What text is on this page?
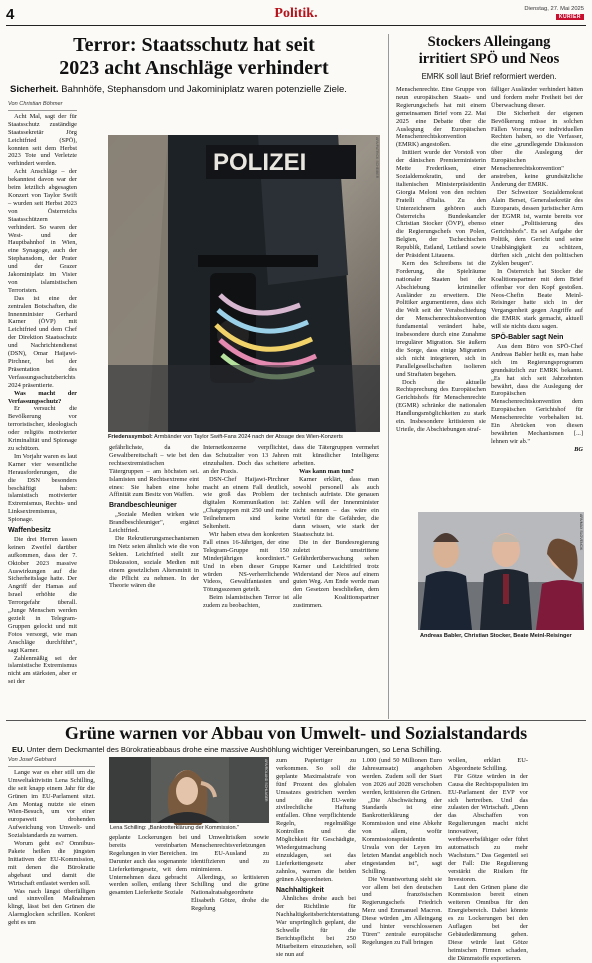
4	Politik.	Dienstag, 27. Mai 2025
KURIER
Terror: Staatsschutz hat seit
2023 acht Anschläge verhindert
Sicherheit. Bahnhöfe, Stephansdom und Jakominiplatz waren potenzielle Ziele.
Von Christian Böhmer

Acht Mal, sagt der für Staatsschutz zuständige Staatssekretär Jörg Leichtfried (SPÖ), konnten seit dem Herbst 2023 Tote und Verletzte verhindert werden.

Acht Anschläge – der bekanntest davon war der beim letztlich abgesagten Konzert von Taylor Swift – wurden seit Herbst 2023 von Österreichs Staatsschützern verhindert. So waren der West- und der Hauptbahnhof in Wien, eine Synagoge, auch der Stephansdom, der Prater und der Grazer Jakominiplatz im Visier von islamistischen Terroristen.

Das ist eine der zentralen Botschaften, die Innenminister Gerhard Karner (ÖVP) mit Leichtfried und dem Chef der Direktion Staatsschutz und Nachrichtendienst (DSN), Omar Haijawi-Pirchner, bei der Präsentation des Verfassungsschutzberichts 2024 präsentierte.

Was macht der Verfassungsschutz?

Er versucht die Bevölkerung vor terroristischer, ideologisch oder religiös motivierter Kriminalität und Spionage zu schützen.

Im Vorjahr waren es laut Karner vier wesentliche Herausforderungen, die die DSN besonders beschäftigt haben: islamistisch motivierter Extremismus, Rechts- und Linksextremismus, Spionage.

Waffenbesitz

Die drei Herren lassen keinen Zweifel darüber aufkommen, dass der 7. Oktober 2023 massive Auswirkungen auf die Sicherheitslage hatte. Der Angriff der Hamas auf Israel erhöhte die Terrorgefahr überall. „Junge Menschen werden gezielt in Telegram-Gruppen gelockt und mit Fotos versorgt, wie man Anschläge durchführt", sagt Karner.

Zahlenmäßig sei der islamistische Extremismus nicht am stärksten, aber er sei der

POLIZEI	APA/PATRICK SCHEIBER
Friedenssymbol: Armbänder von Taylor Swift-Fans 2024 nach der Absage des Wien-Konzerts

gefährlichste, da die Gewaltbereitschaft – wie bei den rechtsextremistischen Tätergruppen – am höchsten sei. Islamisten und Rechtsextreme eint eines: Sie haben eine hohe Affinität zum Besitz von Waffen.

Brandbeschleuniger

„Soziale Medien wirken wie Brandbeschleuniger", ergänzt Leichtfried.

Die Rekrutierungsmechanismen im Netz seien ähnlich wie die von Sekten. Leichtfried stellt zur Diskussion, soziale Medien mit einem gesetzlichen Altersminit in die Pflicht zu nehmen. In der Theorie wären die

Internetkonzerne verpflichtet, das Schutzalter von 13 Jahren einzuhalten. Doch das scheitere an der Praxis.

DSN-Chef Haijawi-Pirchner macht an einem Fall deutlich, wie groß das Problem der digitalen Kommunikation ist: „Chatgruppen mit 250 und mehr Teilnehmern sind keine Seltenheit.

Wir haben etwa den konkreten Fall eines 16-Jährigen, der eine Telegram-Gruppe mit 150 Minderjährigen koordiniert." Und in eben dieser Gruppe würden NS-verherrlichende Videos, Gewaltfantasien und Tötungsszenen geteilt.

Beim islamistischen Terror ist zudem zu beobachten,

dass die Tätergruppen vermehrt mit künstlicher Intelligenz arbeiten.

Was kann man tun?

Karner erklärt, dass man sowohl personell als auch technisch aufrüste. Die genauen Zahlen will der Innenminister nicht nennen – das wäre ein Vorteil für die Gefährder, die dann wissen, wie stark der Staatsschutz ist.

Die in der Bundesregierung zuletzt umstrittene Gefährderüberwachung sehen Karner und Leichtfried trotz Widerstand der Neos auf einem guten Weg. Am Ende werde man den Gesetzen beschließen, dem alle Koalitionspartner zustimmen.

Stockers Alleingang
irritiert SPÖ und Neos
EMRK soll laut Brief reformiert werden.

Menschenrechte. Eine Gruppe von neun europäischen Staats- und Regierungschefs hat mit einem gemeinsamen Brief vom 22. Mai 2025 eine Debatte über die Auslegung der Europäischen Menschenrechtskonvention (EMRK) angestoßen.

Initiiert wurde der Vorstoß von der dänischen Premierministerin Mette Frederiksen, einer Sozialdemokratin, und der italienischen Ministerpräsidentin Giorgia Meloni von den rechten Fratelli d'Italia. Zu den Unterzeichnern gehören auch Österreichs Bundeskanzler Christian Stocker (ÖVP), ebenso die Regierungschefs von Polen, Belgien, der Tschechischen Republik, Estland, Lettland sowie der Präsident Litauens.

Kern des Schreibens ist die Forderung, die Spielräume nationaler Staaten bei der Abschiebung krimineller Ausländer zu erweitern. Die Politiker argumentieren, dass sich die Welt seit der Verabschiedung der Menschenrechtskonvention fundamental verändert habe, insbesondere durch eine Zunahme irregulärer Migration. Sie äußern die Sorge, dass einige Migranten sich nicht integrieren, sich in Parallelgesellschaften isolieren und Straftaten begehen.

Doch die aktuelle Rechtsprechung des Europäischen Gerichtshofs für Menschenrechte (EGMR) schränke die nationalen Handlungsmöglichkeiten zu stark ein. Insbesondere kritisieren sie Urteile, die Abschiebungen straf-

fälliger Ausländer verhindert hätten und fordern mehr Freiheit bei der Überwachung dieser.

Die Sicherheit der eigenen Bevölkerung müsse in solchen Fällen Vorrang vor individuellen Rechten haben, so die Verfasser, die eine „grundlegende Diskussion über die Auslegung der Europäischen Menschenrechtskonvention" anstreben, keine grundsätzliche Änderung der EMRK.

Der Schweizer Sozialdemokrat Alain Berset, Generalsekretär des Europarats, dessen juristischer Arm der EGMR ist, warnte bereits vor einer „Politisierung des Gerichtshofs". Es sei Aufgabe der Politik, dem Gericht und seine Unabhängigkeit zu schützen, dürften sich „nicht den politischen Zyklen beugen".

In Österreich hat Stocker die Koalitionspartner mit dem Brief offenbar vor den Kopf gestoßen. Neos-Chefin Beate Meinl-Reisinger hatte sich in der Vergangenheit gegen Angriffe auf die EMRK stark gemacht, aktuell will sie nichts dazu sagen.

SPÖ-Babler sagt Nein

Aus dem Büro von SPÖ-Chef Andreas Babler heißt es, man habe sich im Regierungsprogramm grundsätzlich zur EMRK bekannt. „Es hat sich seit Jahrzehnten bewährt, dass die Auslegung der Europäischen Menschenrechtskonvention dem Europäischen Gerichtshof für Menschenrechte vorbehalten ist. Ein Abrücken von diesen bewährten Mechanismen [...] lehnen wir ab."

BG

APA/MAX SLOVENCIK
Andreas Babler, Christian Stocker, Beate Meinl-Reisinger
Grüne warnen vor Abbau von Umwelt- und Sozialstandards
EU. Unter dem Deckmantel des Bürokratieabbaus drohe eine massive Aushöhlung wichtiger Vereinbarungen, so Lena Schilling.
Von Josef Gebhard

Lange war es eher still um die Umweltaktivistin Lena Schilling, die seit knapp einem Jahr für die Grünen im EU-Parlament sitzt. Am Montag nutzte sie einen Wien-Besuch, um vor einer europaweit drohenden Aufweichung von Umwelt- und Sozialstandards zu warnen.

Worum geht es? Omnibus-Pakete heißen die jüngsten Initiativen der EU-Kommission, mit denen die Bürokratie abgebaut und damit die Wirtschaft entlastet werden soll.

Was nach längst überfälligen und sinnvollen Maßnahmen klingt, lässt bei den Grünen die Alarmglocken schrillen. Konkret geht es um

APA/ROLAND SCHLAGER
Lena Schilling: „Bankrotterklärung der Kommission."

geplante Lockerungen bei bereits vereinbarten Regelungen in vier Bereichen. Darunter auch das sogenannte Lieferkettengesetz, wit dem Unternehmen dazu gebracht werden sollen, entlang ihrer gesamten Lieferkette Soziale

und Umweltrisiken sowie Menschenrechtsverletzungen im EU-Ausland zu identifizieren und zu minimieren.

Allerdings, so kritisieren Schilling und die grüne Nationalratsabgeordnete Elisabeth Götze, drohe die Regelung

zum Papiertiger zu verkommen. So soll die geplante Maximalstrafe von fünf Prozent des globalen Umsatzes gestrichen werden und die EU-weite zivilrechtliche Haftung entfallen. Ohne verpflichtende Regeln, regelmäßige Kontrollen und die Möglichkeit für Geschädigte, Wiedergutmachung einzuklagen, sei das Lieferkettengesetz aber zahnlos, warnen die beiden grünen Abgeordneten.

Nachhaltigkeit

Ähnliches drohe auch bei der Richtlinie für Nachhaltigkeitsberichterstattung. War ursprünglich geplant, die Schwelle für die Berichtspflicht bei 250 Mitarbeitern einzuziehen, soll sie nun auf

1.000 (und 50 Millionen Euro Jahresumsatz) angehoben werden. Zudem soll der Start von 2026 auf 2028 verschoben werden, kritisieren die Grünen.

„Die Abschwächung der Standards ist eine Bankrotterklärung der Kommission und eine Abkehr von allem, wofür Kommissionspräsidentin Ursula von der Leyen im letzten Mandat angeblich noch eingestanden ist", sagt Schilling.

Die Verantwortung sieht sie vor allem bei den deutschen und französischen Regierungschefs Friedrich Merz und Emmanuel Macron. Diese würden „im Alleingang und hinter verschlossenen Türen" zentrale europäische Regelungen zu Fall bringen

wollen, erklärt EU-Abgeordnete Schilling.

Für Götze würden in der Causa die Rechtspopulisten im EU-Parlament der EVP vor sich hertreiben. Und das zulasten der Wirtschaft. „Denn das Abschaffen von Regulierungen macht nicht innovativer, wettbewerbsfähiger oder führt automatisch zu mehr Wachstum." Das Gegenteil sei der Fall: Die Regulierung verstärkt die Risiken für Investoren.

Laut den Grünen plane die Kommission bereit einen weiteren Omnibus für den Energiebereich. Dabei könnte es zu Lockerungen bei den Auflagen bei der Gebäudedämmung gehen. Diese würde laut Götze heimischen Firmen schaden, die Dämmstoffe exportieren.
